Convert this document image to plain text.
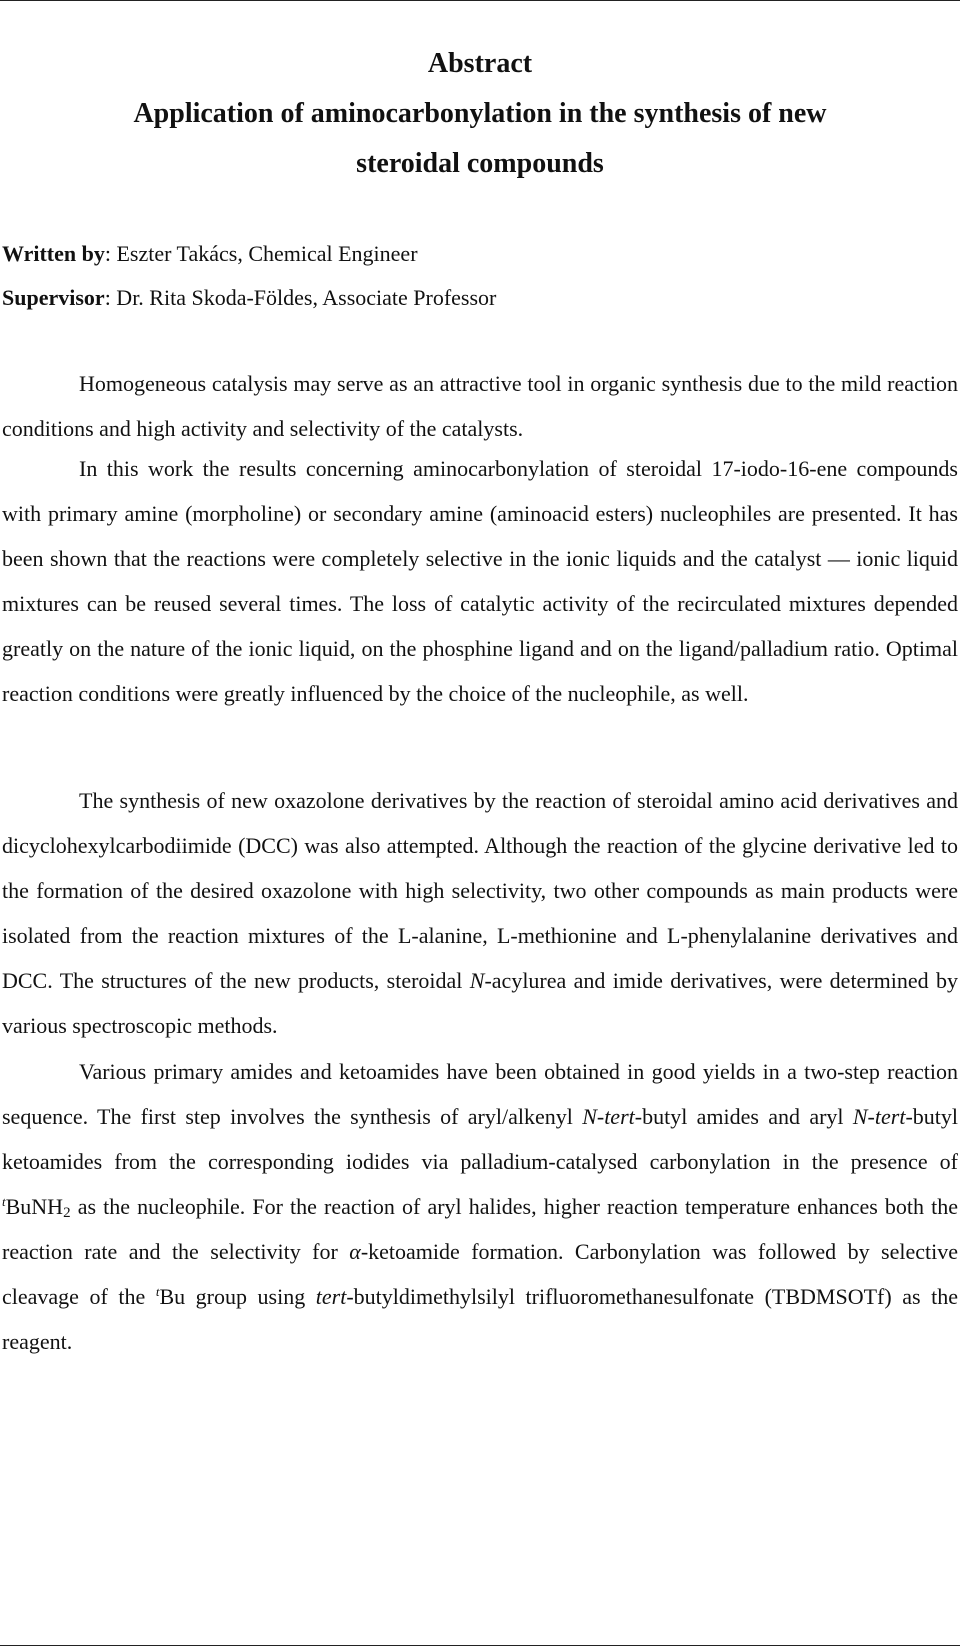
Abstract
Application of aminocarbonylation in the synthesis of new
steroidal compounds
Written by: Eszter Takács, Chemical Engineer
Supervisor: Dr. Rita Skoda-Földes, Associate Professor
Homogeneous catalysis may serve as an attractive tool in organic synthesis due to the mild reaction conditions and high activity and selectivity of the catalysts.
In this work the results concerning aminocarbonylation of steroidal 17-iodo-16-ene compounds with primary amine (morpholine) or secondary amine (aminoacid esters) nucleophiles are presented. It has been shown that the reactions were completely selective in the ionic liquids and the catalyst — ionic liquid mixtures can be reused several times. The loss of catalytic activity of the recirculated mixtures depended greatly on the nature of the ionic liquid, on the phosphine ligand and on the ligand/palladium ratio. Optimal reaction conditions were greatly influenced by the choice of the nucleophile, as well.
The synthesis of new oxazolone derivatives by the reaction of steroidal amino acid derivatives and dicyclohexylcarbodiimide (DCC) was also attempted. Although the reaction of the glycine derivative led to the formation of the desired oxazolone with high selectivity, two other compounds as main products were isolated from the reaction mixtures of the L-alanine, L-methionine and L-phenylalanine derivatives and DCC. The structures of the new products, steroidal N-acylurea and imide derivatives, were determined by various spectroscopic methods.
Various primary amides and ketoamides have been obtained in good yields in a two-step reaction sequence. The first step involves the synthesis of aryl/alkenyl N-tert-butyl amides and aryl N-tert-butyl ketoamides from the corresponding iodides via palladium-catalysed carbonylation in the presence of $^t$BuNH$_2$ as the nucleophile. For the reaction of aryl halides, higher reaction temperature enhances both the reaction rate and the selectivity for α-ketoamide formation. Carbonylation was followed by selective cleavage of the $^t$Bu group using tert-butyldimethylsilyl trifluoromethanesulfonate (TBDMSOTf) as the reagent.
